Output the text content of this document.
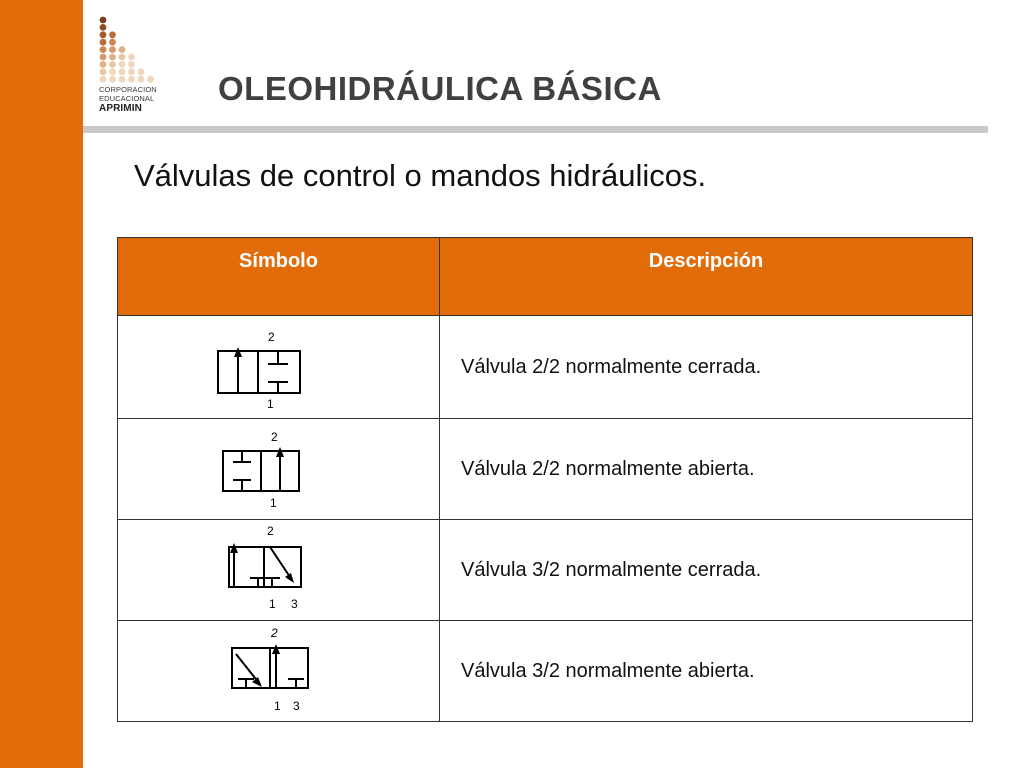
CORPORACION
EDUCACIONAL
APRIMIN
OLEOHIDRÁULICA BÁSICA
Válvulas de control o mandos hidráulicos.
Símbolo	Descripción

2
1	Válvula 2/2 normalmente cerrada.

2
1	Válvula 2/2 normalmente abierta.

2
1 3	Válvula 3/2 normalmente cerrada.

2
1 3	Válvula 3/2 normalmente abierta.
